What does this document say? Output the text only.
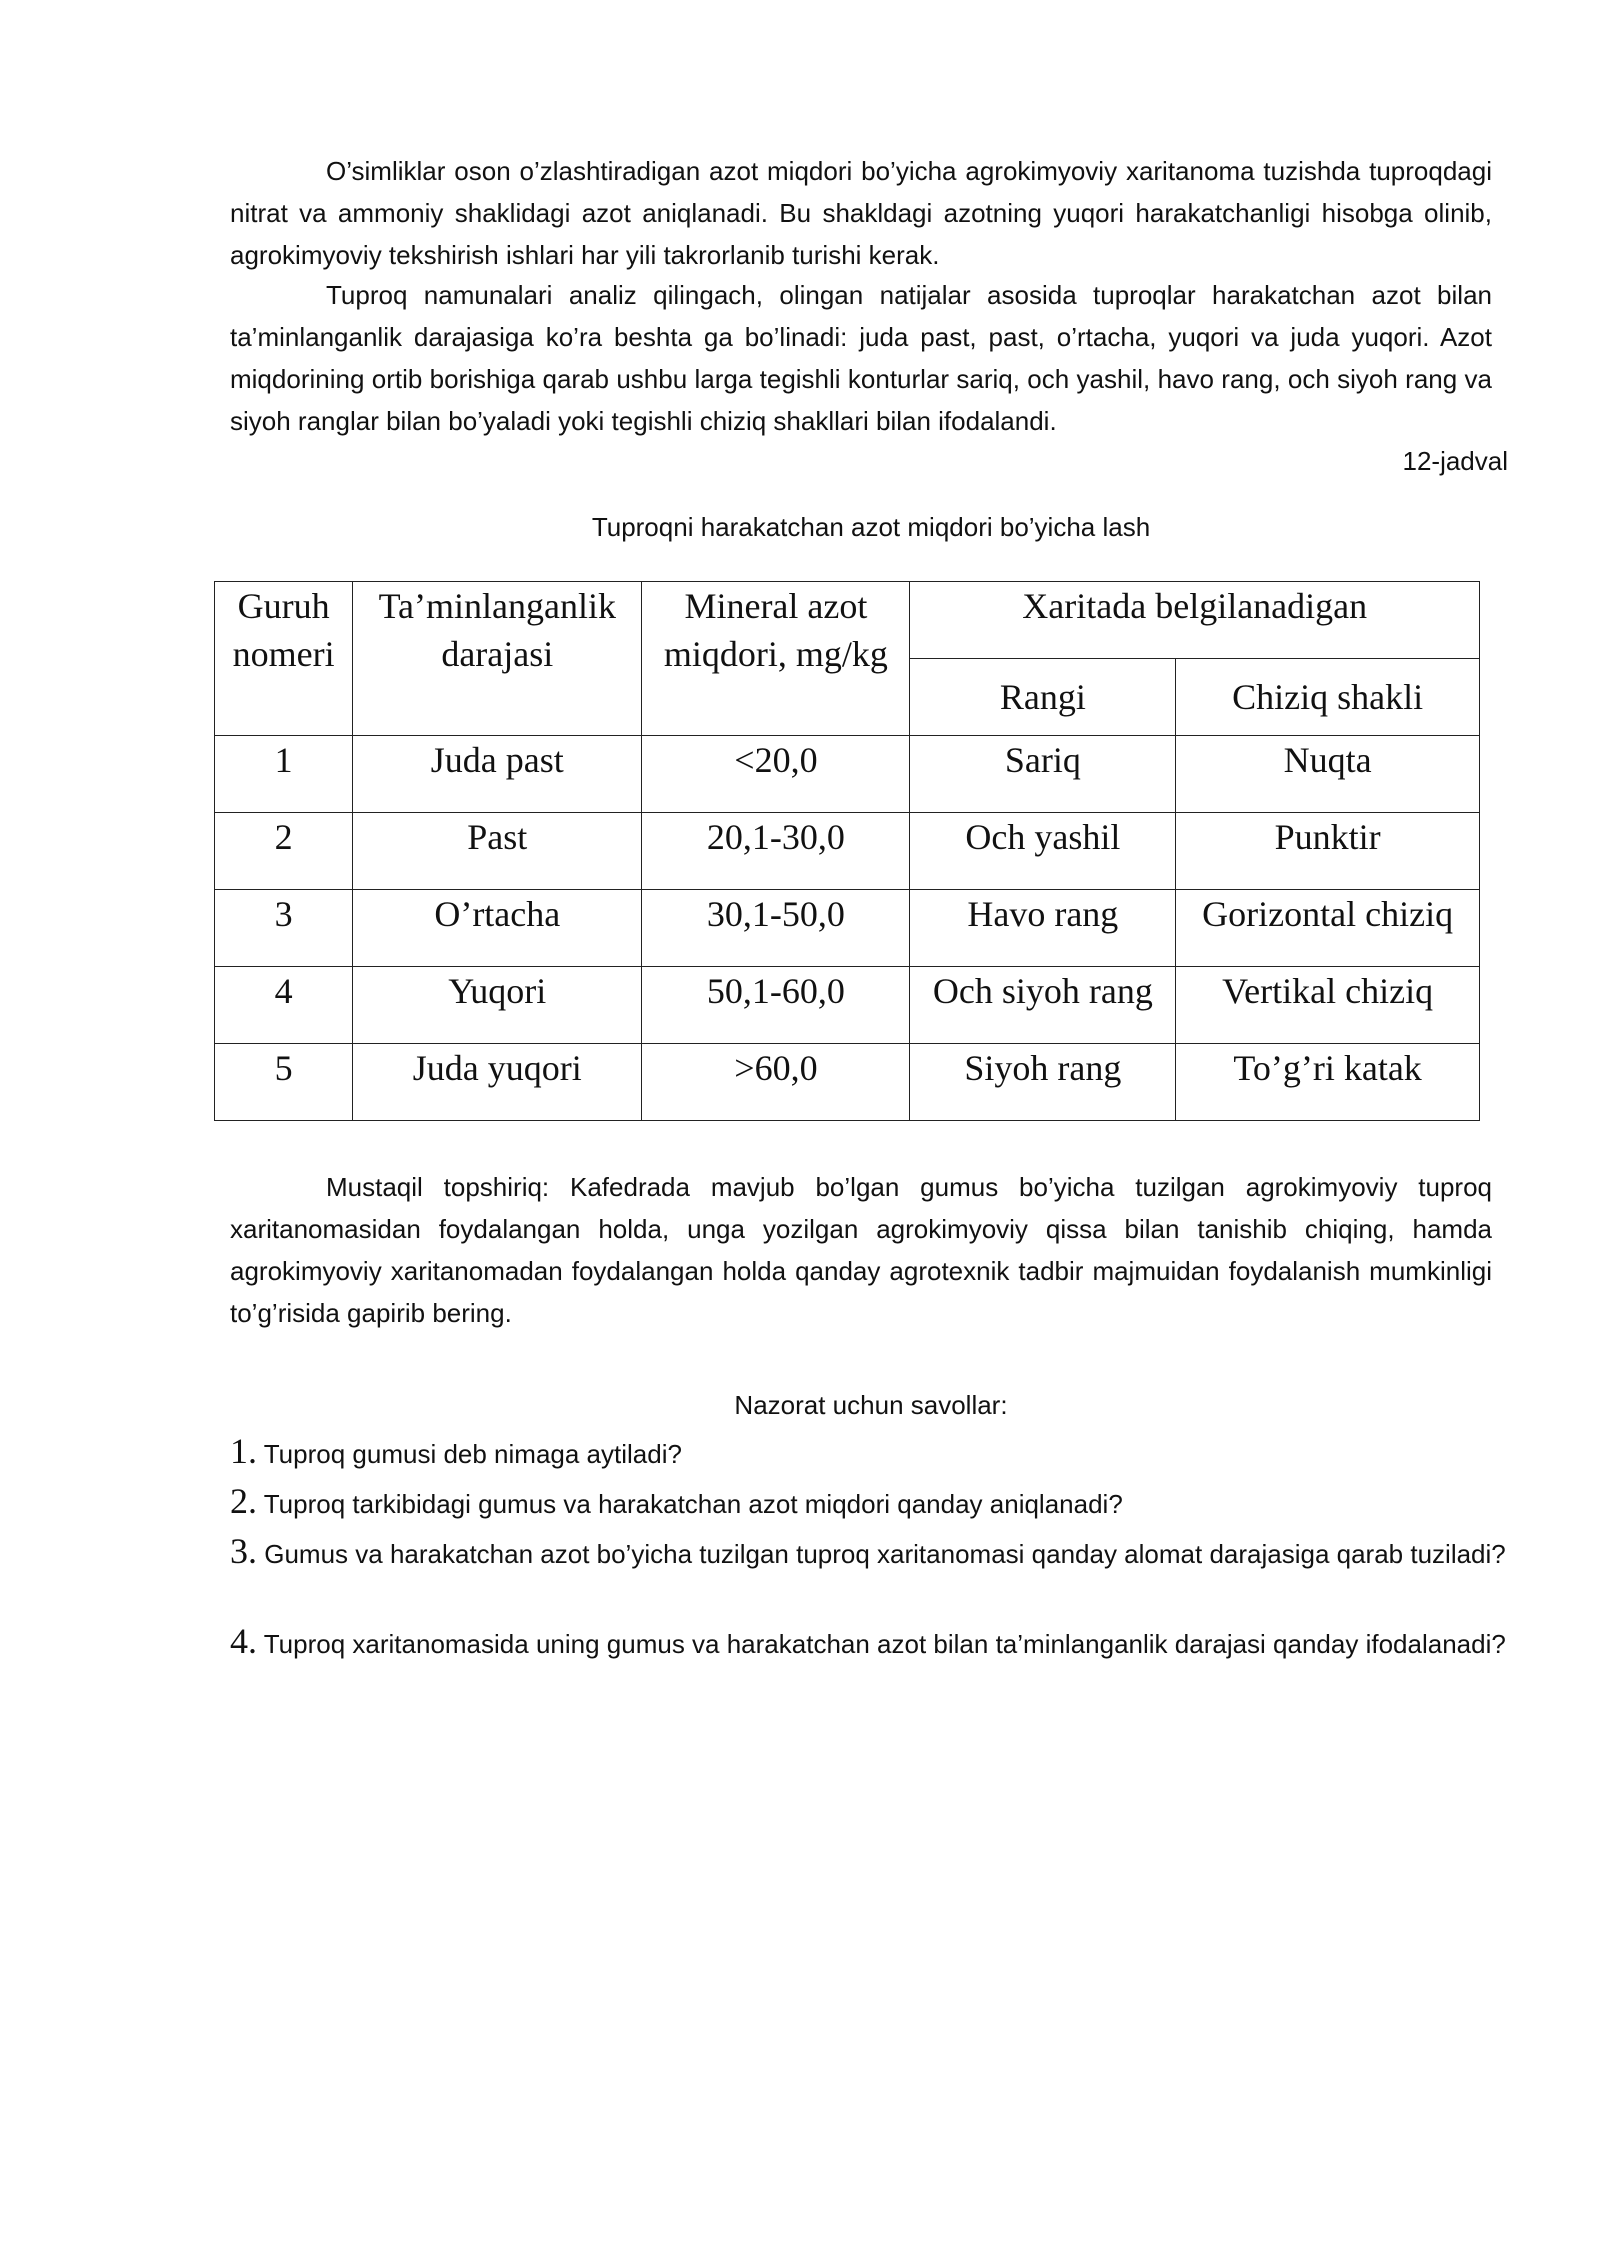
O’simliklar oson o’zlashtiradigan azot miqdori bo’yicha agrokimyoviy xaritanoma tuzishda tuproqdagi nitrat va ammoniy shaklidagi azot aniqlanadi. Bu shakldagi azotning yuqori harakatchanligi hisobga olinib, agrokimyoviy tekshirish ishlari har yili takrorlanib turishi kerak.

Tuproq namunalari analiz qilingach, olingan natijalar asosida tuproqlar harakatchan azot bilan ta’minlanganlik darajasiga ko’ra beshta ga bo’linadi: juda past, past, o’rtacha, yuqori va juda yuqori. Azot miqdorining ortib borishiga qarab ushbu larga tegishli konturlar sariq, och yashil, havo rang, och siyoh rang va siyoh ranglar bilan bo’yaladi yoki tegishli chiziq shakllari bilan ifodalandi.

12-jadval
Tuproqni harakatchan azot miqdori bo’yicha lash
Guruh nomeri	Ta’minlanganlik darajasi	Mineral azot miqdori, mg/kg	Xaritada belgilanadigan	
			Rangi	Chiziq shakli
1	Juda past	<20,0	Sariq	Nuqta
2	Past	20,1-30,0	Och yashil	Punktir
3	O’rtacha	30,1-50,0	Havo rang	Gorizontal chiziq
4	Yuqori	50,1-60,0	Och siyoh rang	Vertikal chiziq
5	Juda yuqori	>60,0	Siyoh rang	To’g’ri katak

Mustaqil topshiriq: Kafedrada mavjub bo’lgan gumus bo’yicha tuzilgan agrokimyoviy tuproq xaritanomasidan foydalangan holda, unga yozilgan agrokimyoviy qissa bilan tanishib chiqing, hamda agrokimyoviy xaritanomadan foydalangan holda qanday agrotexnik tadbir majmuidan foydalanish mumkinligi to’g’risida gapirib bering.

Nazorat uchun savollar:

1. Tuproq gumusi deb nimaga aytiladi?

2. Tuproq tarkibidagi gumus va harakatchan azot miqdori qanday aniqlanadi?

3. Gumus va harakatchan azot bo’yicha tuzilgan tuproq xaritanomasi qanday alomat darajasiga qarab tuziladi?

4. Tuproq xaritanomasida uning gumus va harakatchan azot bilan ta’minlanganlik darajasi qanday ifodalanadi?
